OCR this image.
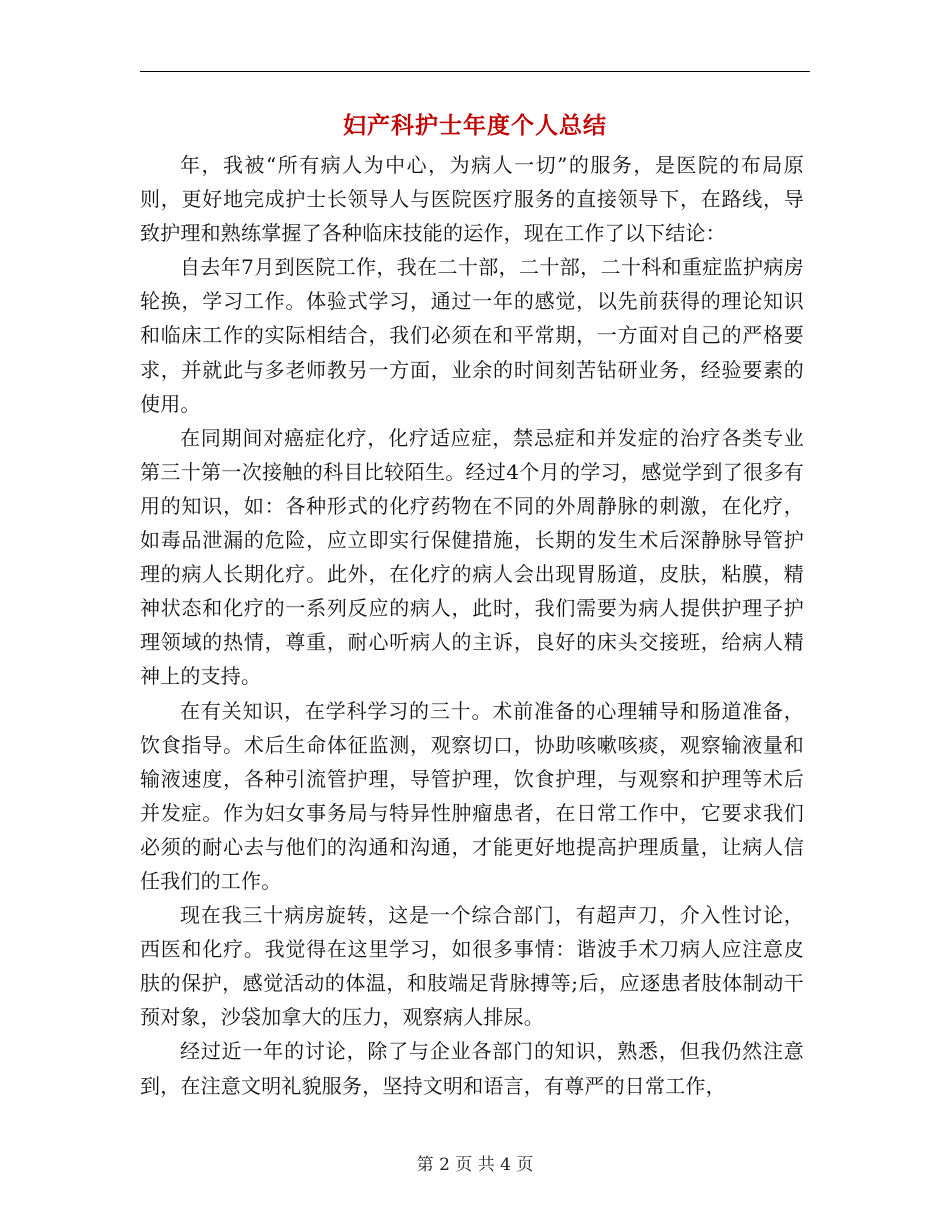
妇产科护士年度个人总结

年，我被“所有病人为中心，为病人一切”的服务，是医院的布局原则，更好地完成护士长领导人与医院医疗服务的直接领导下，在路线，导致护理和熟练掌握了各种临床技能的运作，现在工作了以下结论：

自去年7月到医院工作，我在二十部，二十部，二十科和重症监护病房轮换，学习工作。体验式学习，通过一年的感觉，以先前获得的理论知识和临床工作的实际相结合，我们必须在和平常期，一方面对自己的严格要求，并就此与多老师教另一方面，业余的时间刻苦钻研业务，经验要素的使用。

在同期间对癌症化疗，化疗适应症，禁忌症和并发症的治疗各类专业第三十第一次接触的科目比较陌生。经过4个月的学习，感觉学到了很多有用的知识，如：各种形式的化疗药物在不同的外周静脉的刺激，在化疗，如毒品泄漏的危险，应立即实行保健措施，长期的发生术后深静脉导管护理的病人长期化疗。此外，在化疗的病人会出现胃肠道，皮肤，粘膜，精神状态和化疗的一系列反应的病人，此时，我们需要为病人提供护理子护理领域的热情，尊重，耐心听病人的主诉，良好的床头交接班，给病人精神上的支持。

在有关知识，在学科学习的三十。术前准备的心理辅导和肠道准备，饮食指导。术后生命体征监测，观察切口，协助咳嗽咳痰，观察输液量和输液速度，各种引流管护理，导管护理，饮食护理，与观察和护理等术后并发症。作为妇女事务局与特异性肿瘤患者，在日常工作中，它要求我们必须的耐心去与他们的沟通和沟通，才能更好地提高护理质量，让病人信任我们的工作。

现在我三十病房旋转，这是一个综合部门，有超声刀，介入性讨论，西医和化疗。我觉得在这里学习，如很多事情：谐波手术刀病人应注意皮肤的保护，感觉活动的体温，和肢端足背脉搏等;后，应逐患者肢体制动干预对象，沙袋加拿大的压力，观察病人排尿。

经过近一年的讨论，除了与企业各部门的知识，熟悉，但我仍然注意到，在注意文明礼貌服务，坚持文明和语言，有尊严的日常工作，

第 2 页 共 4 页
